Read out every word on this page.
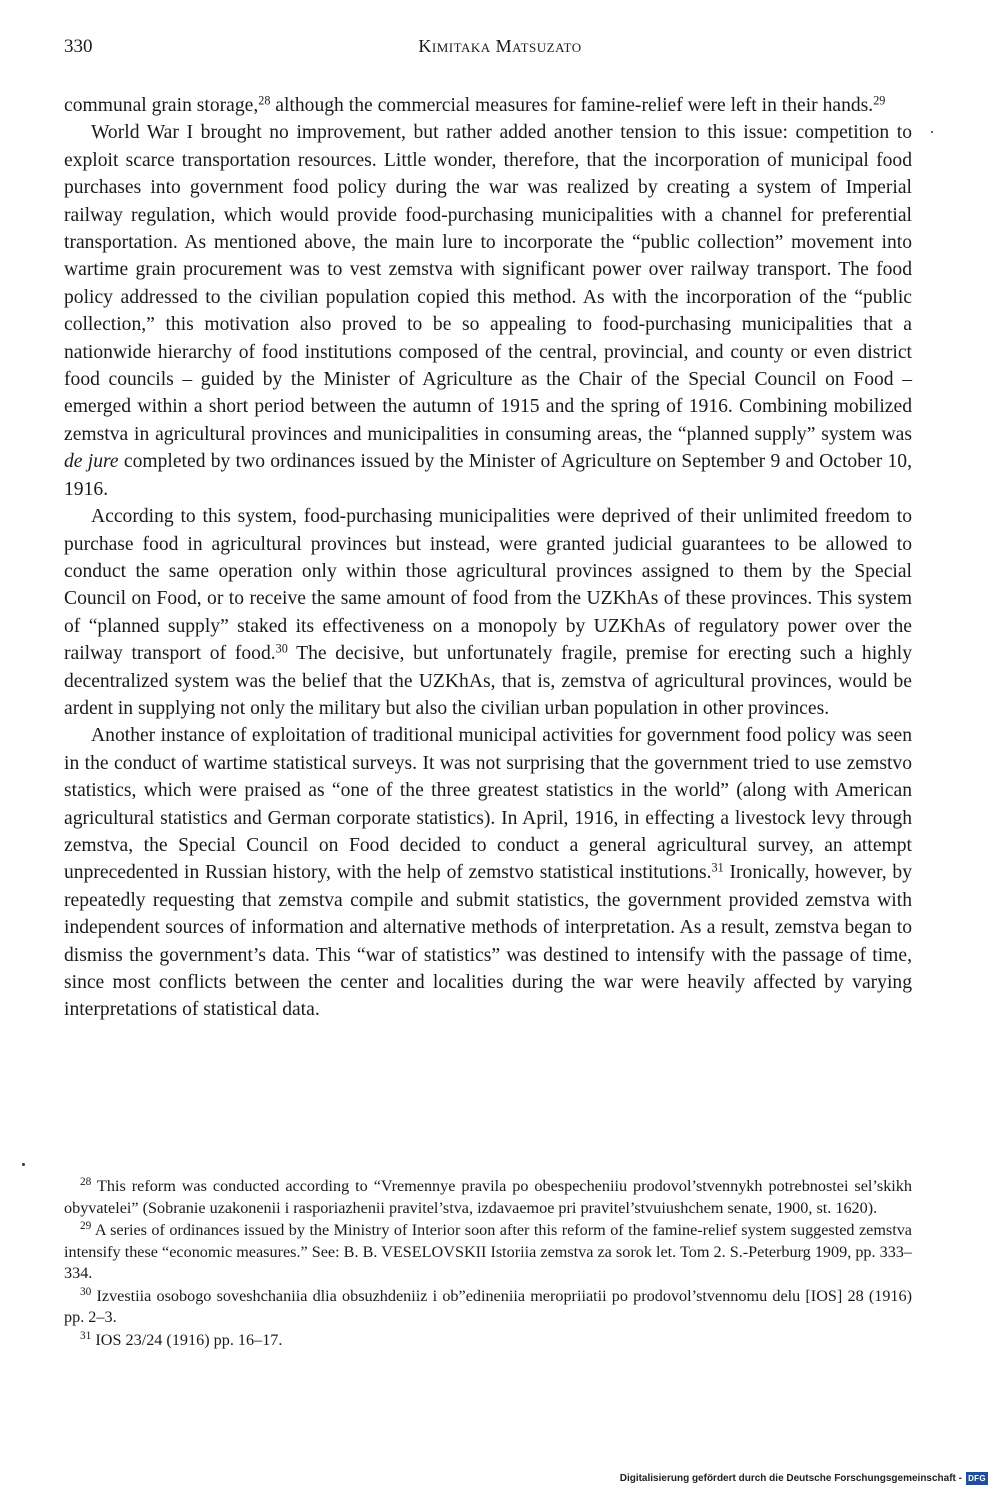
330	Kimitaka Matsuzato

communal grain storage,$^{28}$ although the commercial measures for famine-relief were left in their hands.$^{29}$

World War I brought no improvement, but rather added another tension to this issue: competition to exploit scarce transportation resources. Little wonder, therefore, that the incorporation of municipal food purchases into government food policy during the war was realized by creating a system of Imperial railway regulation, which would provide food-purchasing municipalities with a channel for preferential transportation. As mentioned above, the main lure to incorporate the “public collection” movement into wartime grain procurement was to vest zemstva with significant power over railway transport. The food policy addressed to the civilian population copied this method. As with the incorporation of the “public collection,” this motivation also proved to be so appealing to food-purchasing municipalities that a nationwide hierarchy of food institutions composed of the central, provincial, and county or even district food councils – guided by the Minister of Agriculture as the Chair of the Special Council on Food – emerged within a short period between the autumn of 1915 and the spring of 1916. Combining mobilized zemstva in agricultural provinces and municipalities in consuming areas, the “planned supply” system was de jure completed by two ordinances issued by the Minister of Agriculture on September 9 and October 10, 1916.

According to this system, food-purchasing municipalities were deprived of their unlimited freedom to purchase food in agricultural provinces but instead, were granted judicial guarantees to be allowed to conduct the same operation only within those agricultural provinces assigned to them by the Special Council on Food, or to receive the same amount of food from the UZKhAs of these provinces. This system of “planned supply” staked its effectiveness on a monopoly by UZKhAs of regulatory power over the railway transport of food.$^{30}$ The decisive, but unfortunately fragile, premise for erecting such a highly decentralized system was the belief that the UZKhAs, that is, zemstva of agricultural provinces, would be ardent in supplying not only the military but also the civilian urban population in other provinces.

Another instance of exploitation of traditional municipal activities for government food policy was seen in the conduct of wartime statistical surveys. It was not surprising that the government tried to use zemstvo statistics, which were praised as “one of the three greatest statistics in the world” (along with American agricultural statistics and German corporate statistics). In April, 1916, in effecting a livestock levy through zemstva, the Special Council on Food decided to conduct a general agricultural survey, an attempt unprecedented in Russian history, with the help of zemstvo statistical institutions.$^{31}$ Ironically, however, by repeatedly requesting that zemstva compile and submit statistics, the government provided zemstva with independent sources of information and alternative methods of interpretation. As a result, zemstva began to dismiss the government’s data. This “war of statistics” was destined to intensify with the passage of time, since most conflicts between the center and localities during the war were heavily affected by varying interpretations of statistical data.

$^{28}$ This reform was conducted according to “Vremennye pravila po obespecheniiu prodovol’stvennykh potrebnostei sel’skikh obyvatelei” (Sobranie uzakonenii i rasporiazhenii pravitel’stva, izdavaemoe pri pravitel’stvuiushchem senate, 1900, st. 1620).

$^{29}$ A series of ordinances issued by the Ministry of Interior soon after this reform of the famine-relief system suggested zemstva intensify these “economic measures.” See: B. B. VESELOVSKII Istoriia zemstva za sorok let. Tom 2. S.-Peterburg 1909, pp. 333–334.

$^{30}$ Izvestiia osobogo soveshchaniia dlia obsuzhdeniiz i ob”edineniia meropriiatii po prodovol’stvennomu delu [IOS] 28 (1916) pp. 2–3.

$^{31}$ IOS 23/24 (1916) pp. 16–17.

Digitalisierung gefördert durch die Deutsche Forschungsgemeinschaft - DFG
